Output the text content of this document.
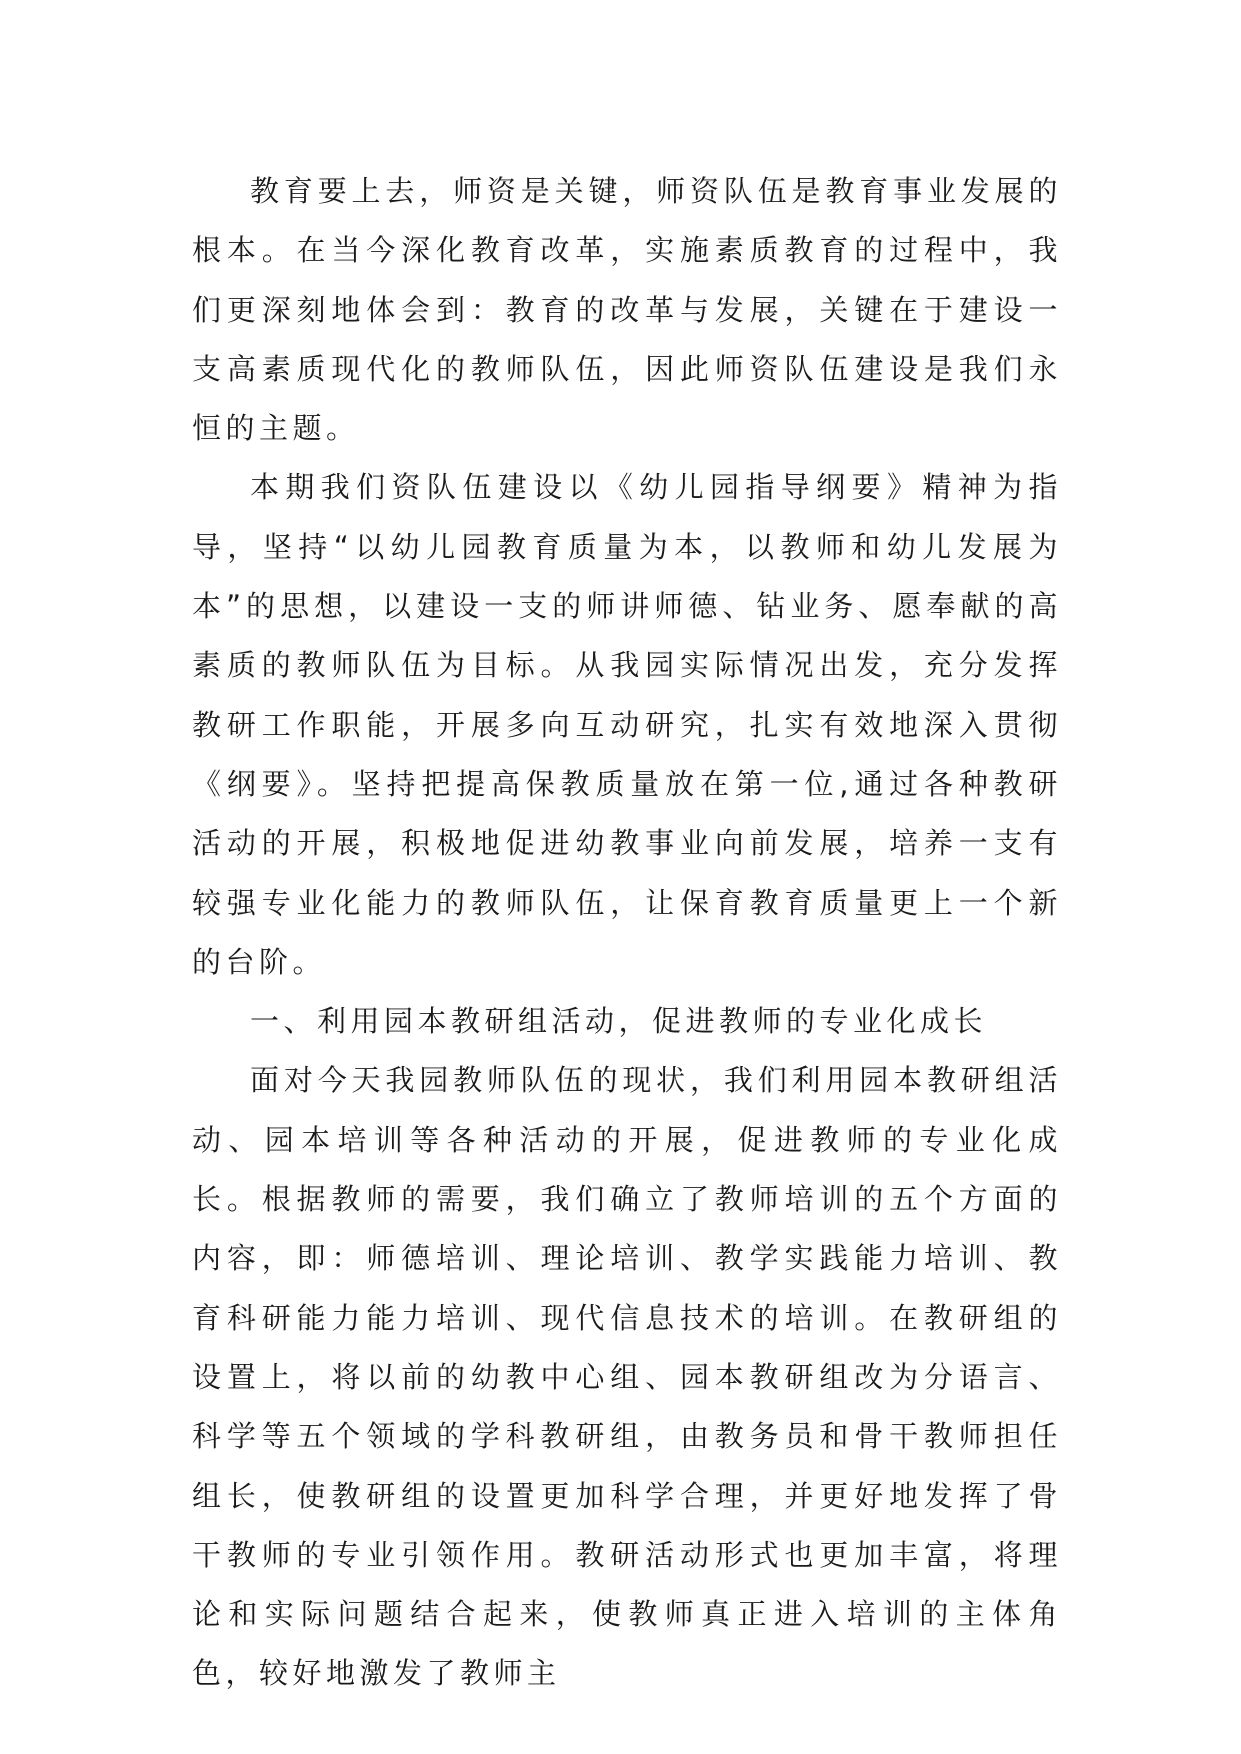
教育要上去，师资是关键，师资队伍是教育事业发展的根本。在当今深化教育改革，实施素质教育的过程中，我们更深刻地体会到：教育的改革与发展，关键在于建设一支高素质现代化的教师队伍，因此师资队伍建设是我们永恒的主题。

本期我们资队伍建设以《幼儿园指导纲要》精神为指导，坚持“以幼儿园教育质量为本，以教师和幼儿发展为本”的思想，以建设一支的师讲师德、钻业务、愿奉献的高素质的教师队伍为目标。从我园实际情况出发，充分发挥教研工作职能，开展多向互动研究，扎实有效地深入贯彻《纲要》。坚持把提高保教质量放在第一位,通过各种教研活动的开展，积极地促进幼教事业向前发展，培养一支有较强专业化能力的教师队伍，让保育教育质量更上一个新的台阶。

一、利用园本教研组活动，促进教师的专业化成长

面对今天我园教师队伍的现状，我们利用园本教研组活动、园本培训等各种活动的开展，促进教师的专业化成长。根据教师的需要，我们确立了教师培训的五个方面的内容，即：师德培训、理论培训、教学实践能力培训、教育科研能力能力培训、现代信息技术的培训。在教研组的设置上，将以前的幼教中心组、园本教研组改为分语言、科学等五个领域的学科教研组，由教务员和骨干教师担任组长，使教研组的设置更加科学合理，并更好地发挥了骨干教师的专业引领作用。教研活动形式也更加丰富，将理论和实际问题结合起来，使教师真正进入培训的主体角色，较好地激发了教师主
